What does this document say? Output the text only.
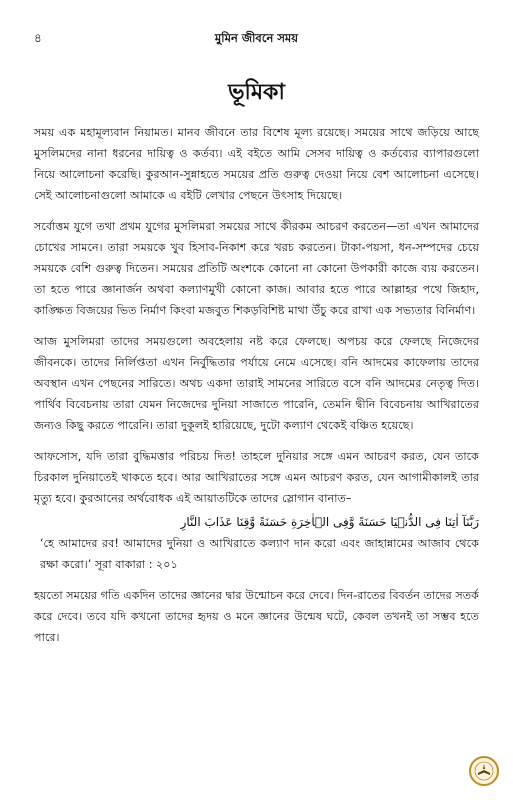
৪	মুমিন জীবনে সময়
ভূমিকা

সময় এক মহামূল্যবান নিয়ামত। মানব জীবনে তার বিশেষ মূল্য রয়েছে। সময়ের সাথে জড়িয়ে আছে মুসলিমদের নানা ধরনের দায়িত্ব ও কর্তব্য। এই বইতে আমি সেসব দায়িত্ব ও কর্তব্যের ব্যাপারগুলো নিয়ে আলোচনা করেছি। কুরআন-সুন্নাহতে সময়ের প্রতি গুরুত্ব দেওয়া নিয়ে বেশ আলোচনা এসেছে। সেই আলোচনাগুলো আমাকে এ বইটি লেখার পেছনে উৎসাহ দিয়েছে।

সর্বোত্তম যুগে তথা প্রথম যুগের মুসলিমরা সময়ের সাথে কীরকম আচরণ করতেন—তা এখন আমাদের চোখের সামনে। তারা সময়কে খুব হিসাব-নিকাশ করে খরচ করতেন। টাকা-পয়সা, ধন-সম্পদের চেয়ে সময়কে বেশি গুরুত্ব দিতেন। সময়ের প্রতিটি অংশকে কোনো না কোনো উপকারী কাজে ব্যয় করতেন। তা হতে পারে জ্ঞানার্জন অথবা কল্যাণমুখী কোনো কাজ। আবার হতে পারে আল্লাহর পথে জিহাদ, কাঙ্ক্ষিত বিজয়ের ভিত নির্মাণ কিংবা মজবুত শিকড়বিশিষ্ট মাথা উঁচু করে রাখা এক সভ্যতার বিনির্মাণ।

আজ মুসলিমরা তাদের সময়গুলো অবহেলায় নষ্ট করে ফেলছে। অপচয় করে ফেলছে নিজেদের জীবনকে। তাদের নির্লিপ্ততা এখন নির্বুদ্ধিতার পর্যায়ে নেমে এসেছে। বনি আদমের কাফেলায় তাদের অবস্থান এখন পেছনের সারিতে। অথচ একদা তারাই সামনের সারিতে বসে বনি আদমের নেতৃত্ব দিত। পার্থিব বিবেচনায় তারা যেমন নিজেদের দুনিয়া সাজাতে পারেনি, তেমনি দ্বীনি বিবেচনায় আখিরাতের জন্যও কিছু করতে পারেনি। তারা দুকূলই হারিয়েছে, দুটো কল্যাণ থেকেই বঞ্চিত হয়েছে।

আফসোস, যদি তারা বুদ্ধিমত্তার পরিচয় দিত! তাহলে দুনিয়ার সঙ্গে এমন আচরণ করত, যেন তাকে চিরকাল দুনিয়াতেই থাকতে হবে। আর আখিরাতের সঙ্গে এমন আচরণ করত, যেন আগামীকালই তার মৃত্যু হবে। কুরআনের অর্থবোধক এই আয়াতটিকে তাদের স্লোগান বানাত–

رَبَّنَآ اٰتِنَا فِى الدُّنۡيَا حَسَنَةً وَّفِى الۡاٰخِرَةِ حَسَنَةً وَّقِنَا عَذَابَ النَّارِ
‘হে আমাদের রব! আমাদের দুনিয়া ও আখিরাতে কল্যাণ দান করো এবং জাহান্নামের আজাব থেকে রক্ষা করো।’ সূরা বাকারা : ২০১

হয়তো সময়ের গতি একদিন তাদের জ্ঞানের দ্বার উন্মোচন করে দেবে। দিন-রাতের বিবর্তন তাদের সতর্ক করে দেবে। তবে যদি কখনো তাদের হৃদয় ও মনে জ্ঞানের উন্মেষ ঘটে, কেবল তখনই তা সম্ভব হতে পারে।
